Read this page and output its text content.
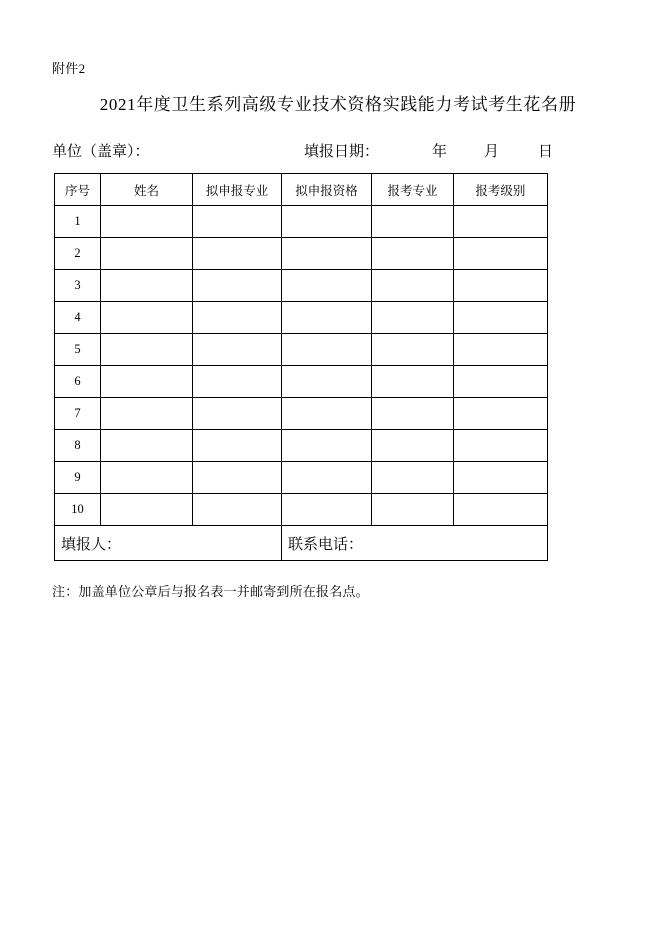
附件2
2021年度卫生系列高级专业技术资格实践能力考试考生花名册
单位（盖章）：	填报日期：	年 月	日
序号	姓名	拟申报专业	拟申报资格	报考专业	报考级别
1					
2					
3					
4					
5					
6					
7					
8					
9					
10					
填报人：			联系电话：		
注：加盖单位公章后与报名表一并邮寄到所在报名点。
